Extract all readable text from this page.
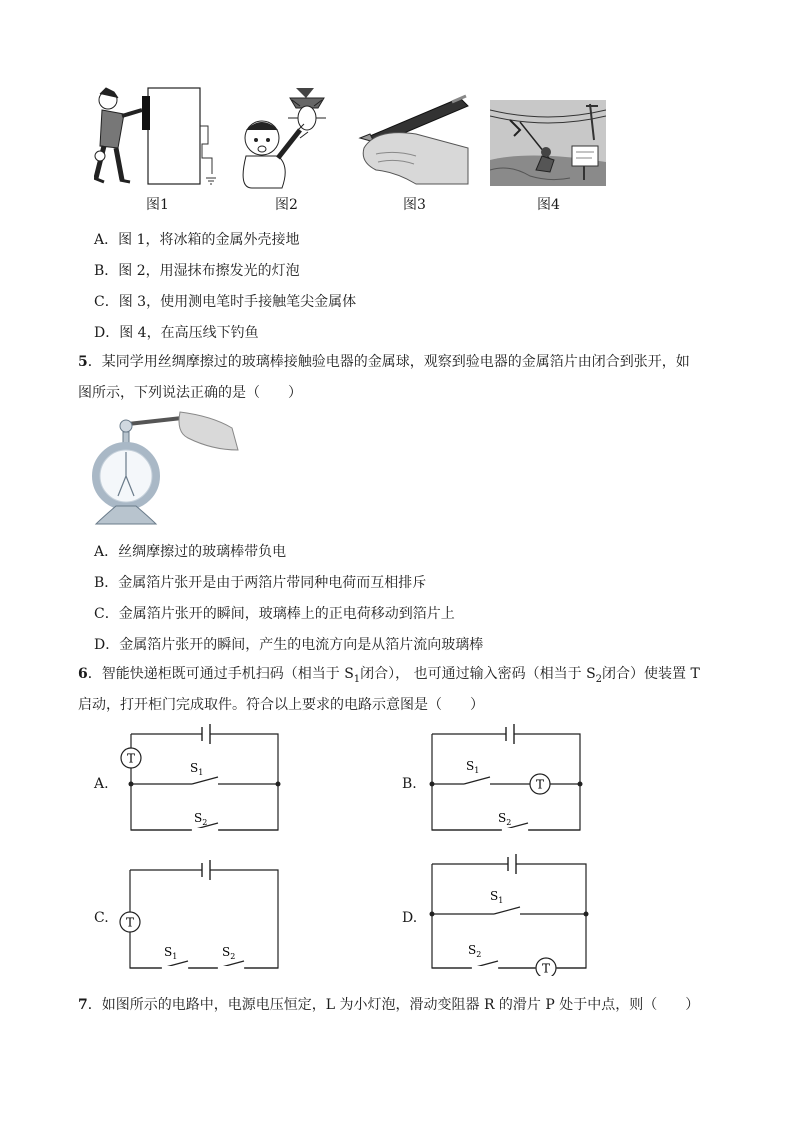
图1	图2	图3	图4
A．图 1，将冰箱的金属外壳接地
B．图 2，用湿抹布擦发光的灯泡
C．图 3，使用测电笔时手接触笔尖金属体
D．图 4，在高压线下钓鱼
5．某同学用丝绸摩擦过的玻璃棒接触验电器的金属球，观察到验电器的金属箔片由闭合到张开，如
图所示，下列说法正确的是（　　）
A．丝绸摩擦过的玻璃棒带负电
B．金属箔片张开是由于两箔片带同种电荷而互相排斥
C．金属箔片张开的瞬间，玻璃棒上的正电荷移动到箔片上
D．金属箔片张开的瞬间，产生的电流方向是从箔片流向玻璃棒
6．智能快递柜既可通过手机扫码（相当于 $S_1$闭合）， 也可通过输入密码（相当于 $S_2$闭合）使装置 T
启动，打开柜门完成取件。符合以上要求的电路示意图是（　　）
A.
T
$S_1$
$S_2$
B.	T
$S_1$
$S_2$
C. T
$S_1$	$S_2$
D.
T
$S_1$
$S_2$
7．如图所示的电路中，电源电压恒定，L 为小灯泡，滑动变阻器 R 的滑片 P 处于中点，则（　　）
